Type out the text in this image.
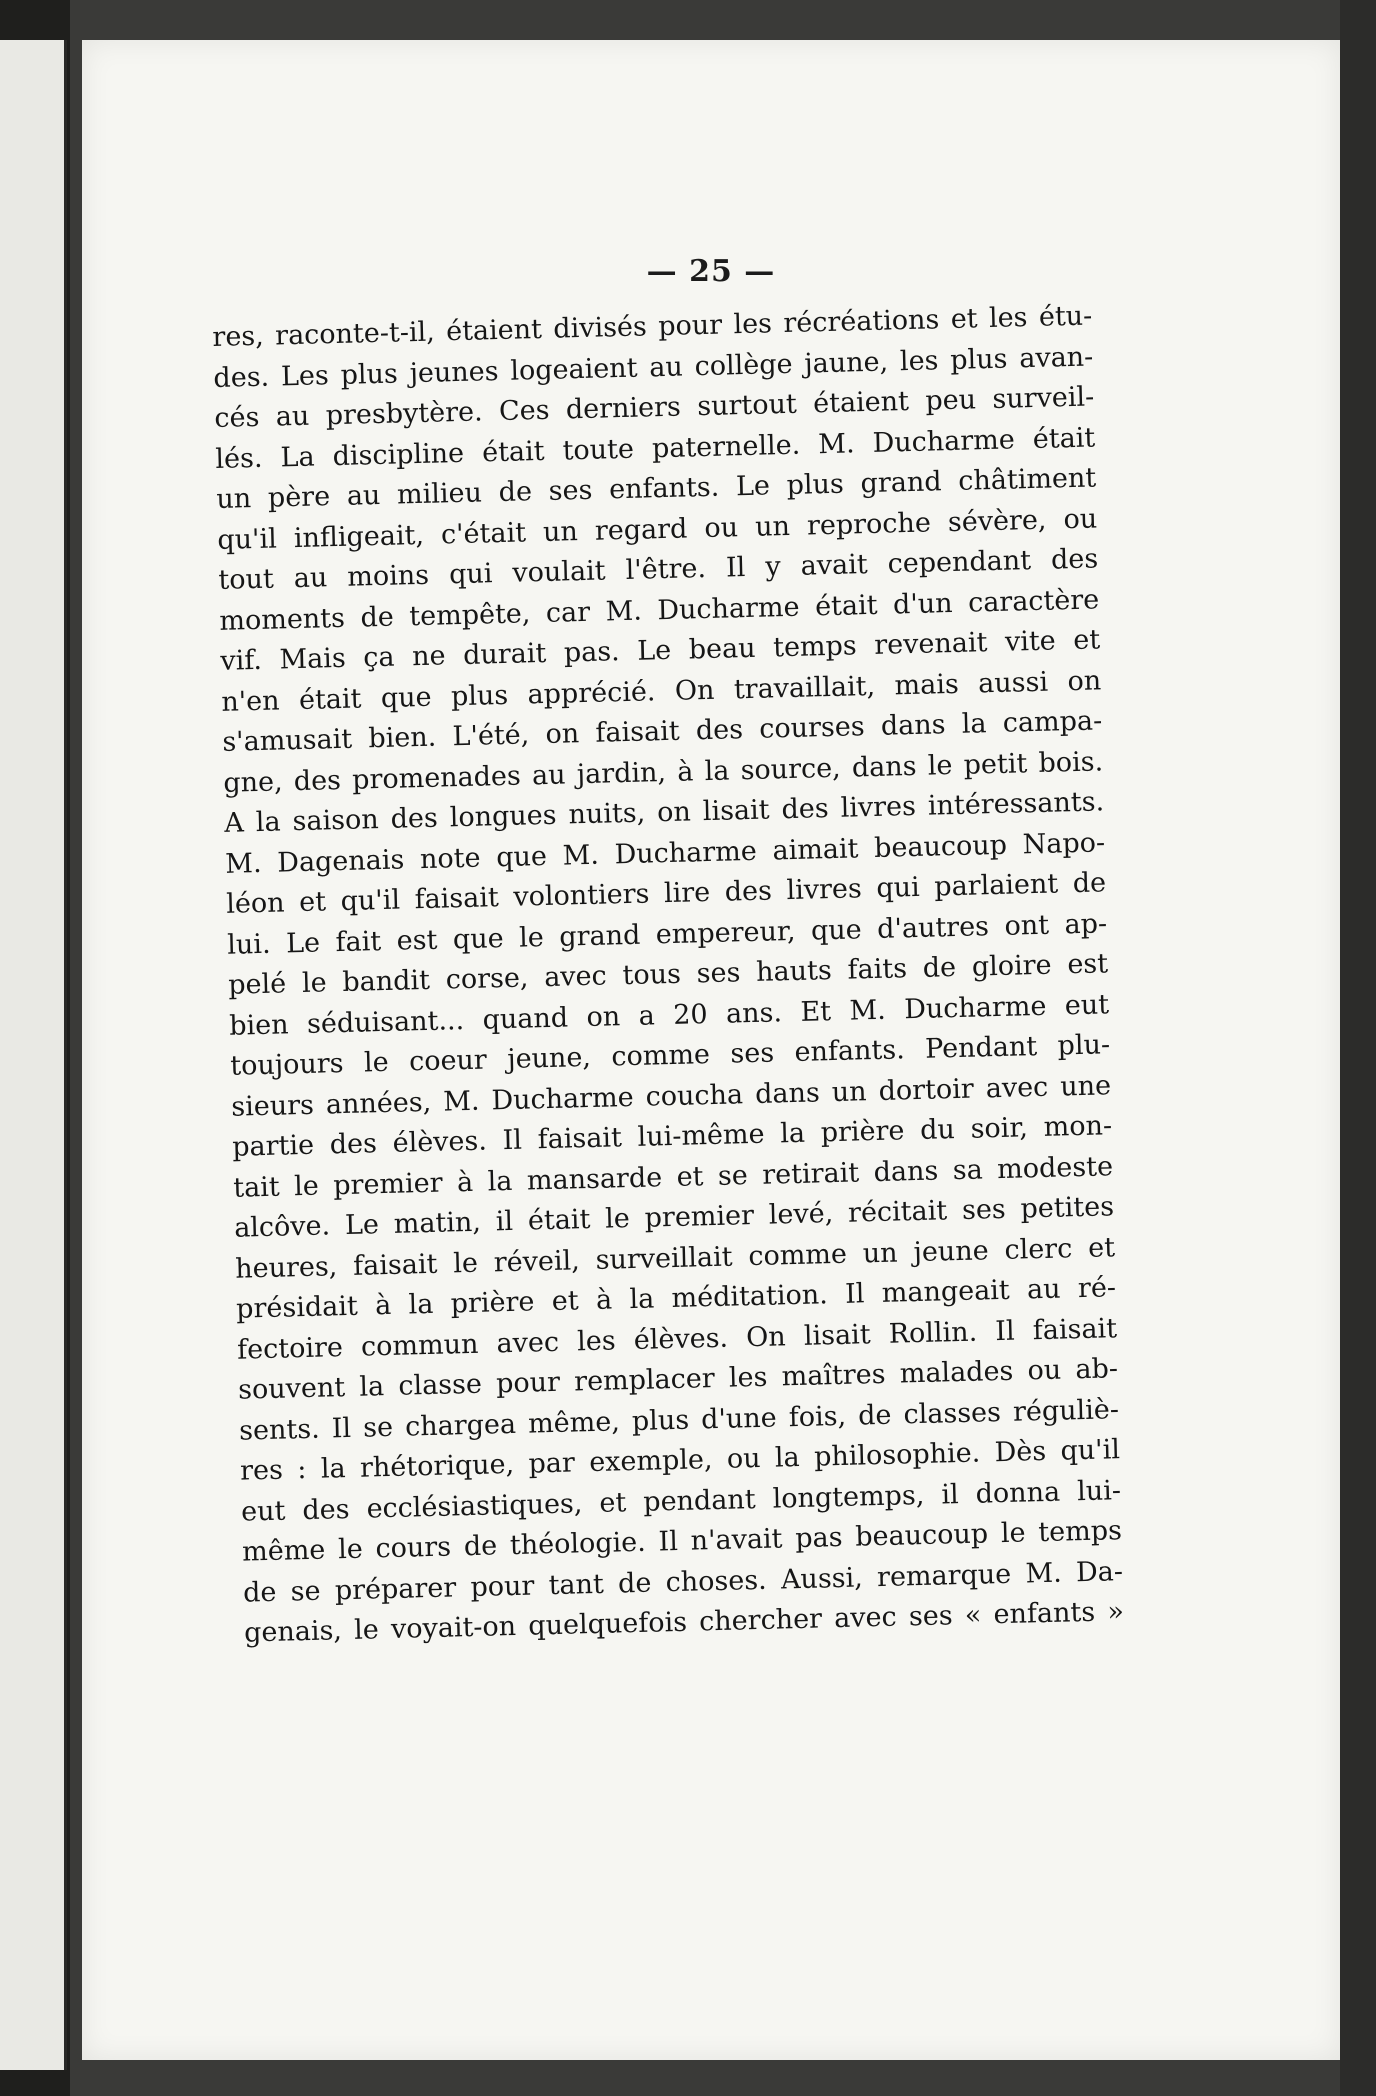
— 25 —
res, raconte-t-il, étaient divisés pour les récréations et les étu-
des. Les plus jeunes logeaient au collège jaune, les plus avan-
cés au presbytère. Ces derniers surtout étaient peu surveil-
lés. La discipline était toute paternelle. M. Ducharme était
un père au milieu de ses enfants. Le plus grand châtiment
qu'il infligeait, c'était un regard ou un reproche sévère, ou
tout au moins qui voulait l'être. Il y avait cependant des
moments de tempête, car M. Ducharme était d'un caractère
vif. Mais ça ne durait pas. Le beau temps revenait vite et
n'en était que plus apprécié. On travaillait, mais aussi on
s'amusait bien. L'été, on faisait des courses dans la campa-
gne, des promenades au jardin, à la source, dans le petit bois.
A la saison des longues nuits, on lisait des livres intéressants.
M. Dagenais note que M. Ducharme aimait beaucoup Napo-
léon et qu'il faisait volontiers lire des livres qui parlaient de
lui. Le fait est que le grand empereur, que d'autres ont ap-
pelé le bandit corse, avec tous ses hauts faits de gloire est
bien séduisant... quand on a 20 ans. Et M. Ducharme eut
toujours le coeur jeune, comme ses enfants. Pendant plu-
sieurs années, M. Ducharme coucha dans un dortoir avec une
partie des élèves. Il faisait lui-même la prière du soir, mon-
tait le premier à la mansarde et se retirait dans sa modeste
alcôve. Le matin, il était le premier levé, récitait ses petites
heures, faisait le réveil, surveillait comme un jeune clerc et
présidait à la prière et à la méditation. Il mangeait au ré-
fectoire commun avec les élèves. On lisait Rollin. Il faisait
souvent la classe pour remplacer les maîtres malades ou ab-
sents. Il se chargea même, plus d'une fois, de classes réguliè-
res : la rhétorique, par exemple, ou la philosophie. Dès qu'il
eut des ecclésiastiques, et pendant longtemps, il donna lui-
même le cours de théologie. Il n'avait pas beaucoup le temps
de se préparer pour tant de choses. Aussi, remarque M. Da-
genais, le voyait-on quelquefois chercher avec ses « enfants »
